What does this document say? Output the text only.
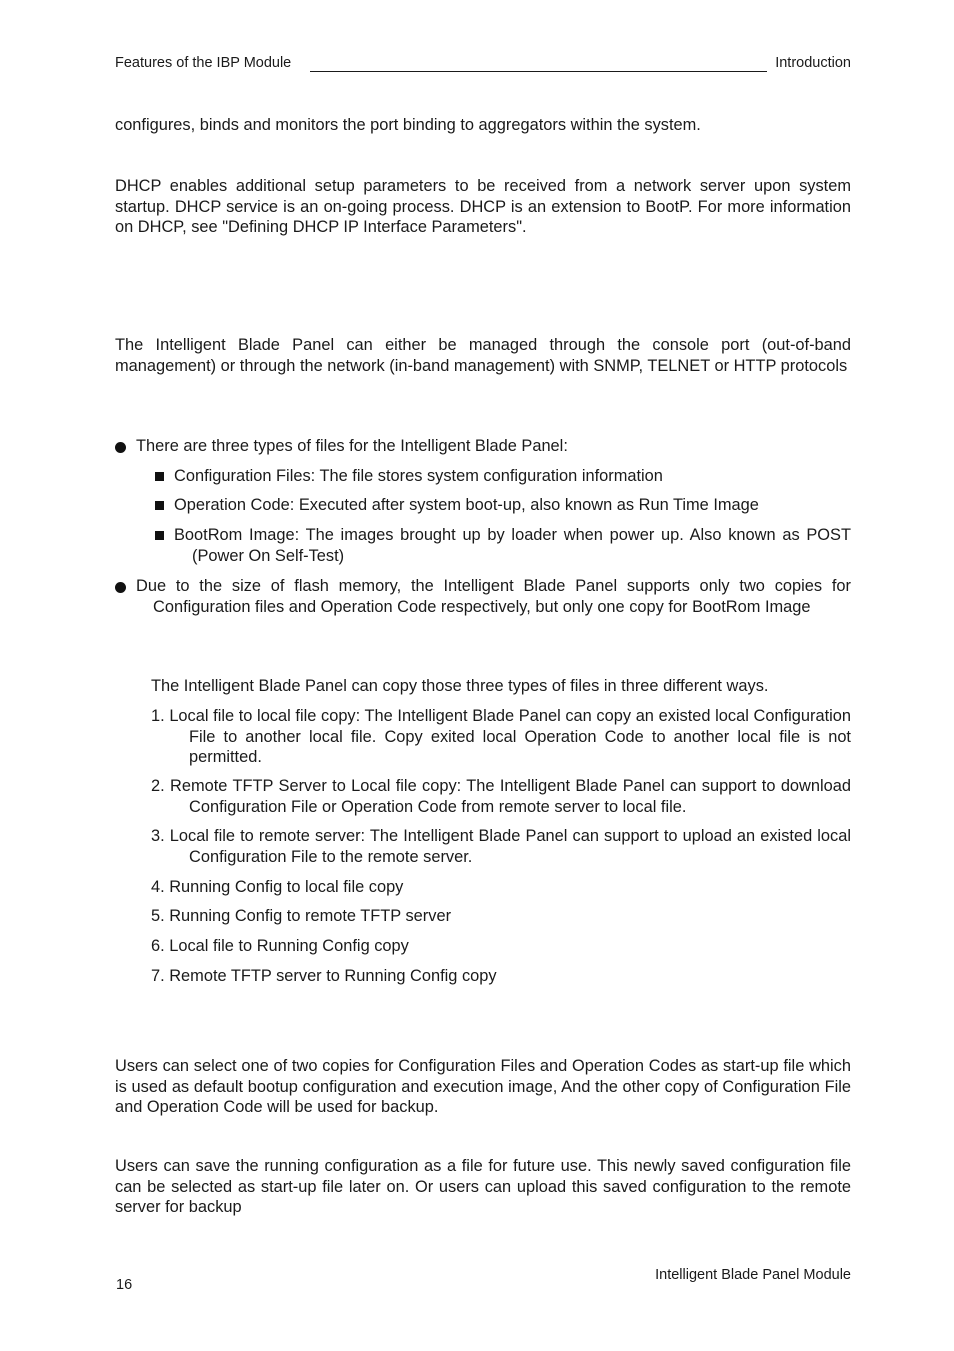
Features of the IBP Module	Introduction
configures, binds and monitors the port binding to aggregators within the system.
DHCP enables additional setup parameters to be received from a network server upon system startup. DHCP service is an on-going process. DHCP is an extension to BootP. For more information on DHCP, see "Defining DHCP IP Interface Parameters".
The Intelligent Blade Panel can either be managed through the console port (out-of-band management) or through the network (in-band management) with SNMP, TELNET or HTTP protocols
There are three types of files for the Intelligent Blade Panel:
Configuration Files: The file stores system configuration information
Operation Code: Executed after system boot-up, also known as Run Time Image
BootRom Image: The images brought up by loader when power up. Also known as POST (Power On Self-Test)
Due to the size of flash memory, the Intelligent Blade Panel supports only two copies for Configuration files and Operation Code respectively, but only one copy for BootRom Image
The Intelligent Blade Panel can copy those three types of files in three different ways.
1. Local file to local file copy: The Intelligent Blade Panel can copy an existed local Configuration File to another local file. Copy exited local Operation Code to another local file is not permitted.
2. Remote TFTP Server to Local file copy: The Intelligent Blade Panel can support to download Configuration File or Operation Code from remote server to local file.
3. Local file to remote server: The Intelligent Blade Panel can support to upload an existed local Configuration File to the remote server.
4. Running Config to local file copy
5. Running Config to remote TFTP server
6. Local file to Running Config copy
7. Remote TFTP server to Running Config copy
Users can select one of two copies for Configuration Files and Operation Codes as start-up file which is used as default bootup configuration and execution image, And the other copy of Configuration File and Operation Code will be used for backup.
Users can save the running configuration as a file for future use. This newly saved configuration file can be selected as start-up file later on. Or users can upload this saved configuration to the remote server for backup
16
Intelligent Blade Panel Module
